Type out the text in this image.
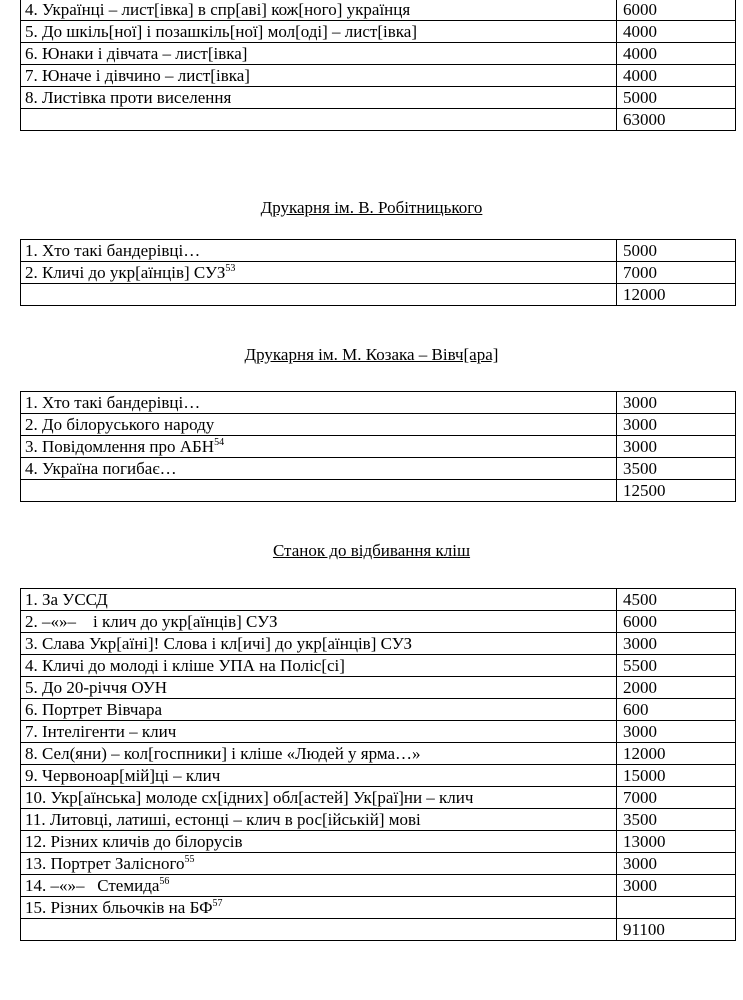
4. Українці – лист[івка] в спр[аві] кож[ного] українця	6000
5. До шкіль[ної] і позашкіль[ної] мол[оді] – лист[івка]	4000
6. Юнаки і дівчата – лист[івка]	4000
7. Юначе і дівчино – лист[івка]	4000
8. Листівка проти виселення	5000
	63000
Друкарня ім. В. Робітницького
1. Хто такі бандерівці…	5000
2. Кличі до укр[аїнців] СУЗ$^{53}$	7000
	12000
Друкарня ім. М. Козака – Вівч[ара]
1. Хто такі бандерівці…	3000
2. До білоруського народу	3000
3. Повідомлення про АБН$^{54}$	3000
4. Україна погибає…	3500
	12500
Станок до відбивання кліш
1. За УССД	4500
2. –«»–    і клич до укр[аїнців] СУЗ	6000
3. Слава Укр[аїні]! Слова і кл[ичі] до укр[аїнців] СУЗ	3000
4. Кличі до молоді і кліше УПА на Поліс[сі]	5500
5. До 20-річчя ОУН	2000
6. Портрет Вівчара	600
7. Інтелігенти – клич	3000
8. Сел(яни) – кол[госпники] і кліше «Людей у ярма…»	12000
9. Червоноар[мій]ці – клич	15000
10. Укр[аїнська] молоде сх[ідних] обл[астей] Ук[раї]ни – клич	7000
11. Литовці, латиші, естонці – клич в рос[ійській] мові	3500
12. Різних кличів до білорусів	13000
13. Портрет Залісного$^{55}$	3000
14. –«»–   Стемида$^{56}$	3000
15. Різних бльочків на БФ$^{57}$	
	91100
